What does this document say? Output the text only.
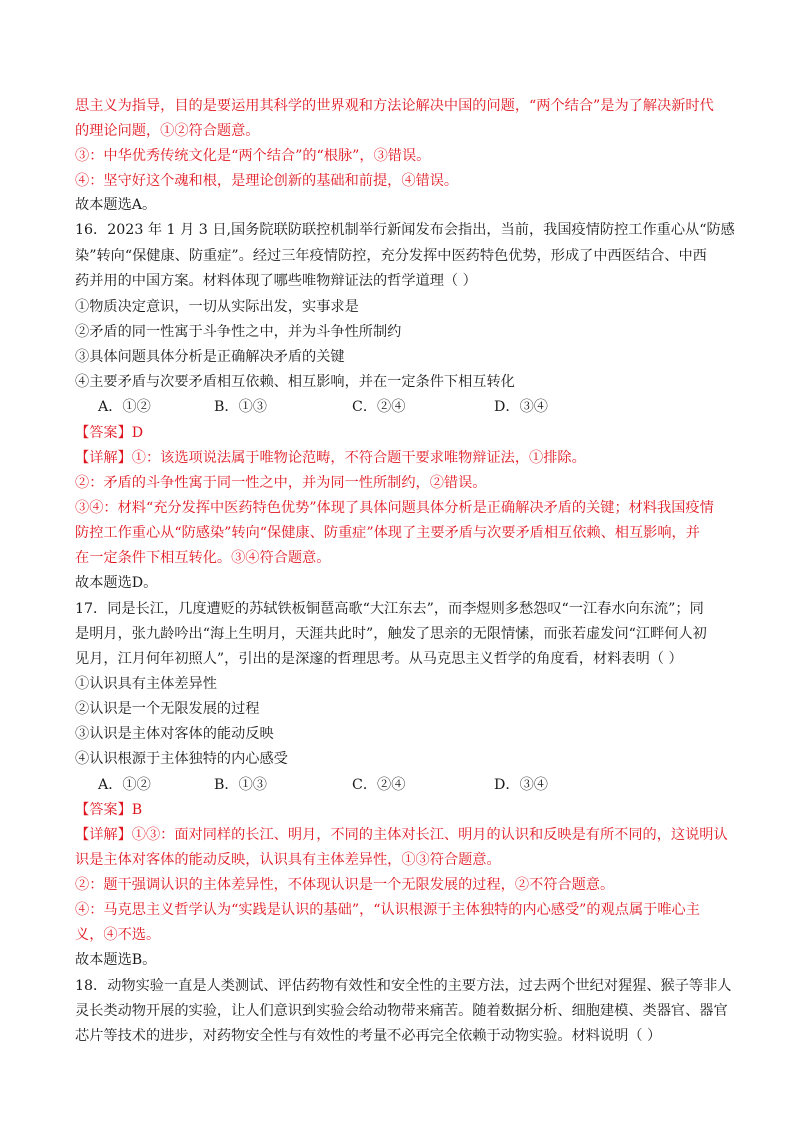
思主义为指导，目的是要运用其科学的世界观和方法论解决中国的问题，“两个结合”是为了解决新时代
的理论问题，①②符合题意。
③：中华优秀传统文化是“两个结合”的“根脉”，③错误。
④：坚守好这个魂和根，是理论创新的基础和前提，④错误。
故本题选A。
16．2023 年 1 月 3 日,国务院联防联控机制举行新闻发布会指出，当前，我国疫情防控工作重心从“防感
染”转向“保健康、防重症”。经过三年疫情防控，充分发挥中医药特色优势，形成了中西医结合、中西
药并用的中国方案。材料体现了哪些唯物辩证法的哲学道理（ ）
①物质决定意识，一切从实际出发，实事求是
②矛盾的同一性寓于斗争性之中，并为斗争性所制约
③具体问题具体分析是正确解决矛盾的关键
④主要矛盾与次要矛盾相互依赖、相互影响，并在一定条件下相互转化
A．①②	B．①③	C．②④	D．③④
【答案】D
【详解】①：该选项说法属于唯物论范畴，不符合题干要求唯物辩证法，①排除。
②：矛盾的斗争性寓于同一性之中，并为同一性所制约，②错误。
③④：材料“充分发挥中医药特色优势”体现了具体问题具体分析是正确解决矛盾的关键；材料我国疫情
防控工作重心从“防感染”转向“保健康、防重症”体现了主要矛盾与次要矛盾相互依赖、相互影响，并
在一定条件下相互转化。③④符合题意。
故本题选D。
17．同是长江，几度遭贬的苏轼铁板铜琶高歌“大江东去”，而李煜则多愁怨叹“一江春水向东流”；同
是明月，张九龄吟出“海上生明月，天涯共此时”，触发了思亲的无限情愫，而张若虚发问“江畔何人初
见月，江月何年初照人”，引出的是深邃的哲理思考。从马克思主义哲学的角度看，材料表明（ ）
①认识具有主体差异性
②认识是一个无限发展的过程
③认识是主体对客体的能动反映
④认识根源于主体独特的内心感受
A．①②	B．①③	C．②④	D．③④
【答案】B
【详解】①③：面对同样的长江、明月，不同的主体对长江、明月的认识和反映是有所不同的，这说明认
识是主体对客体的能动反映，认识具有主体差异性，①③符合题意。
②：题干强调认识的主体差异性，不体现认识是一个无限发展的过程，②不符合题意。
④：马克思主义哲学认为“实践是认识的基础”，“认识根源于主体独特的内心感受”的观点属于唯心主
义，④不选。
故本题选B。
18．动物实验一直是人类测试、评估药物有效性和安全性的主要方法，过去两个世纪对猩猩、猴子等非人
灵长类动物开展的实验，让人们意识到实验会给动物带来痛苦。随着数据分析、细胞建模、类器官、器官
芯片等技术的进步，对药物安全性与有效性的考量不必再完全依赖于动物实验。材料说明（ ）
